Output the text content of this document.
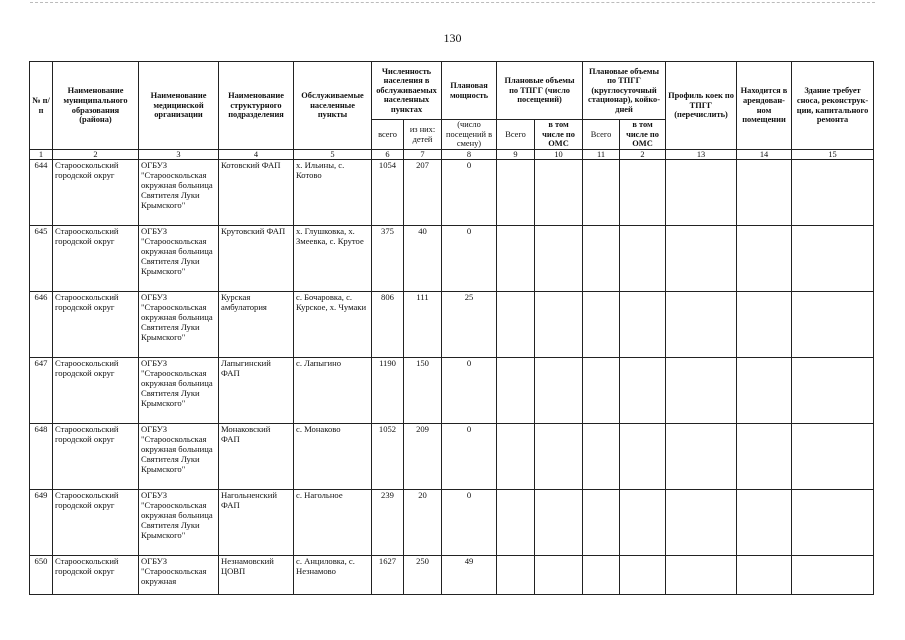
130
№ п/п	Наименование муниципального образования (района)	Наименование медицинской организации	Наименование структурного подразделения	Обслуживаемые населенные пункты	Численность населения в обслуживаемых населенных пунктах		Плановая мощность	Плановые объемы по ТПГГ (число посещений)		Плановые объемы по ТПГГ (круглосуточный стационар), койко-дней		Профиль коек по ТПГГ (перечислить)	Находится в арендован-ном помещении	Здание требует сноса, реконструк-ции, капитального ремонта
					всего	из них: детей	(число посещений в смену)	Всего	в том числе по ОМС	Всего	в том числе по ОМС			
1	2	3	4	5	6	7	8	9	10	11	2	13	14	15
644	Старооскольский городской округ	ОГБУЗ "Старооскольская окружная больница Святителя Луки Крымского"	Котовский ФАП	х. Ильины, с. Котово	1054	207	0							
645	Старооскольский городской округ	ОГБУЗ "Старооскольская окружная больница Святителя Луки Крымского"	Крутовский ФАП	х. Глушковка, х. Змеевка, с. Крутое	375	40	0							
646	Старооскольский городской округ	ОГБУЗ "Старооскольская окружная больница Святителя Луки Крымского"	Курская амбулатория	с. Бочаровка, с. Курское, х. Чумаки	806	111	25							
647	Старооскольский городской округ	ОГБУЗ "Старооскольская окружная больница Святителя Луки Крымского"	Лапыгинский ФАП	с. Лапыгино	1190	150	0							
648	Старооскольский городской округ	ОГБУЗ "Старооскольская окружная больница Святителя Луки Крымского"	Монаковский ФАП	с. Монаково	1052	209	0							
649	Старооскольский городской округ	ОГБУЗ "Старооскольская окружная больница Святителя Луки Крымского"	Нагольненский ФАП	с. Нагольное	239	20	0							
650	Старооскольский городской округ	ОГБУЗ "Старооскольская окружная	Незнамовский ЦОВП	с. Анциловка, с. Незнамово	1627	250	49							
